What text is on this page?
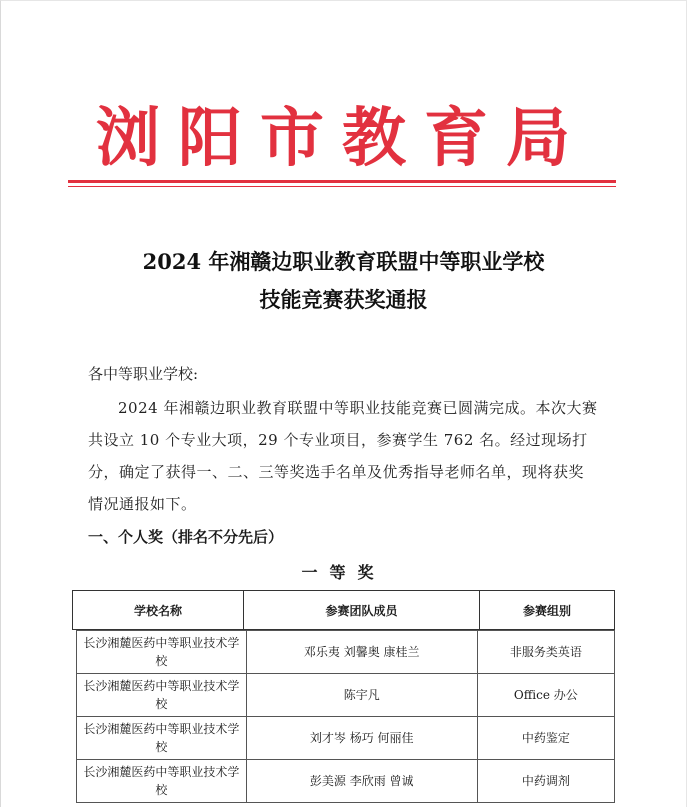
浏阳市教育局
2024 年湘赣边职业教育联盟中等职业学校
技能竞赛获奖通报
各中等职业学校:
2024 年湘赣边职业教育联盟中等职业技能竞赛已圆满完成。本次大赛共设立 10 个专业大项，29 个专业项目，参赛学生 762 名。经过现场打分，确定了获得一、二、三等奖选手名单及优秀指导老师名单，现将获奖情况通报如下。
一、个人奖（排名不分先后）
一等奖
学校名称	参赛团队成员	参赛组别
长沙湘麓医药中等职业技术学校	邓乐夷 刘馨奥 康桂兰	非服务类英语
长沙湘麓医药中等职业技术学校	陈宇凡	Office 办公
长沙湘麓医药中等职业技术学校	刘才岑 杨巧 何丽佳	中药鉴定
长沙湘麓医药中等职业技术学校	彭美源 李欣雨 曾诚	中药调剂
